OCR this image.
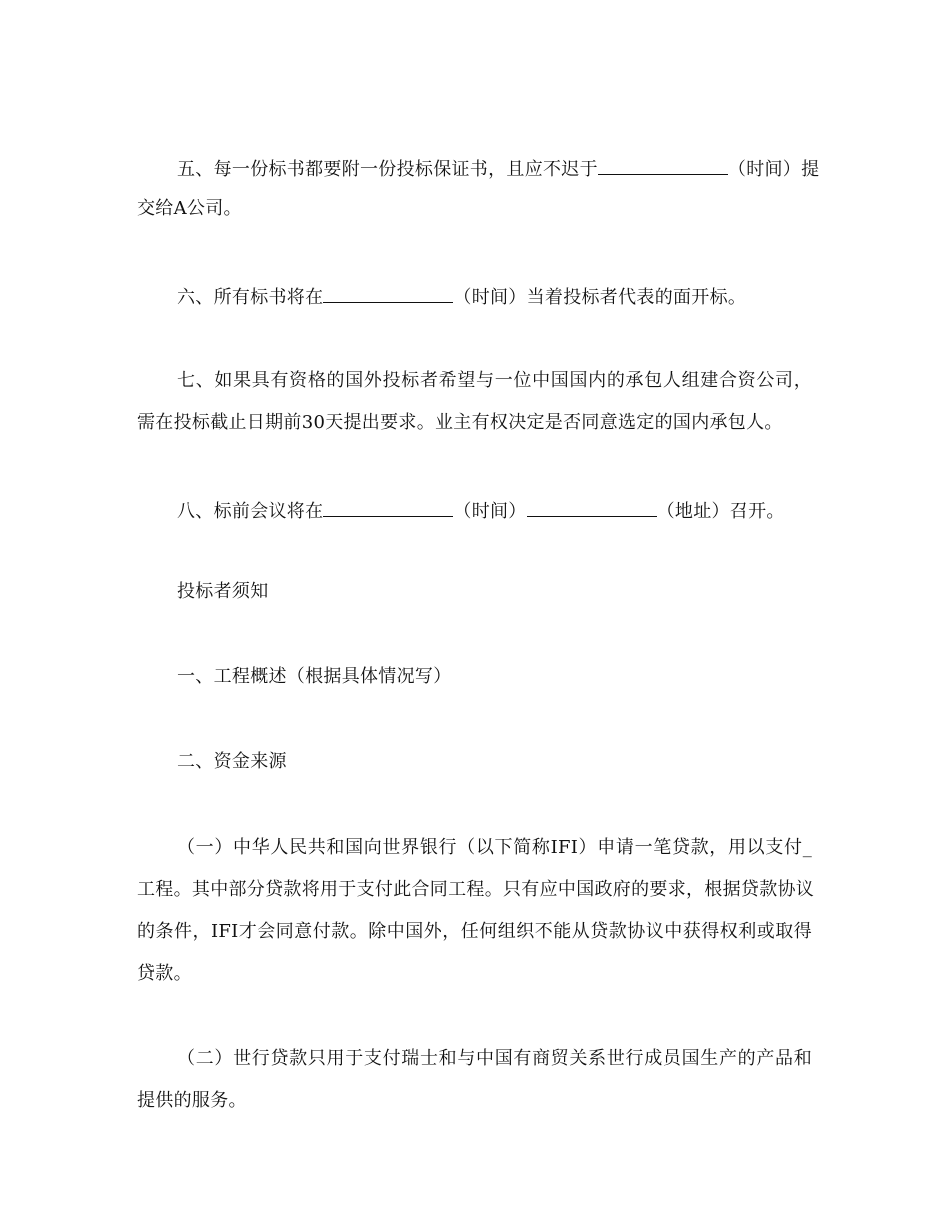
五、每一份标书都要附一份投标保证书，且应不迟于	（时间）提
交给A公司。
六、所有标书将在	（时间）当着投标者代表的面开标。
七、如果具有资格的国外投标者希望与一位中国国内的承包人组建合资公司，
需在投标截止日期前30天提出要求。业主有权决定是否同意选定的国内承包人。
八、标前会议将在	（时间）	（地址）召开。
投标者须知
一、工程概述（根据具体情况写）
二、资金来源
（一）中华人民共和国向世界银行（以下简称IFI）申请一笔贷款，用以支付_
工程。其中部分贷款将用于支付此合同工程。只有应中国政府的要求，根据贷款协议
的条件，IFI才会同意付款。除中国外，任何组织不能从贷款协议中获得权利或取得
贷款。
（二）世行贷款只用于支付瑞士和与中国有商贸关系世行成员国生产的产品和
提供的服务。
